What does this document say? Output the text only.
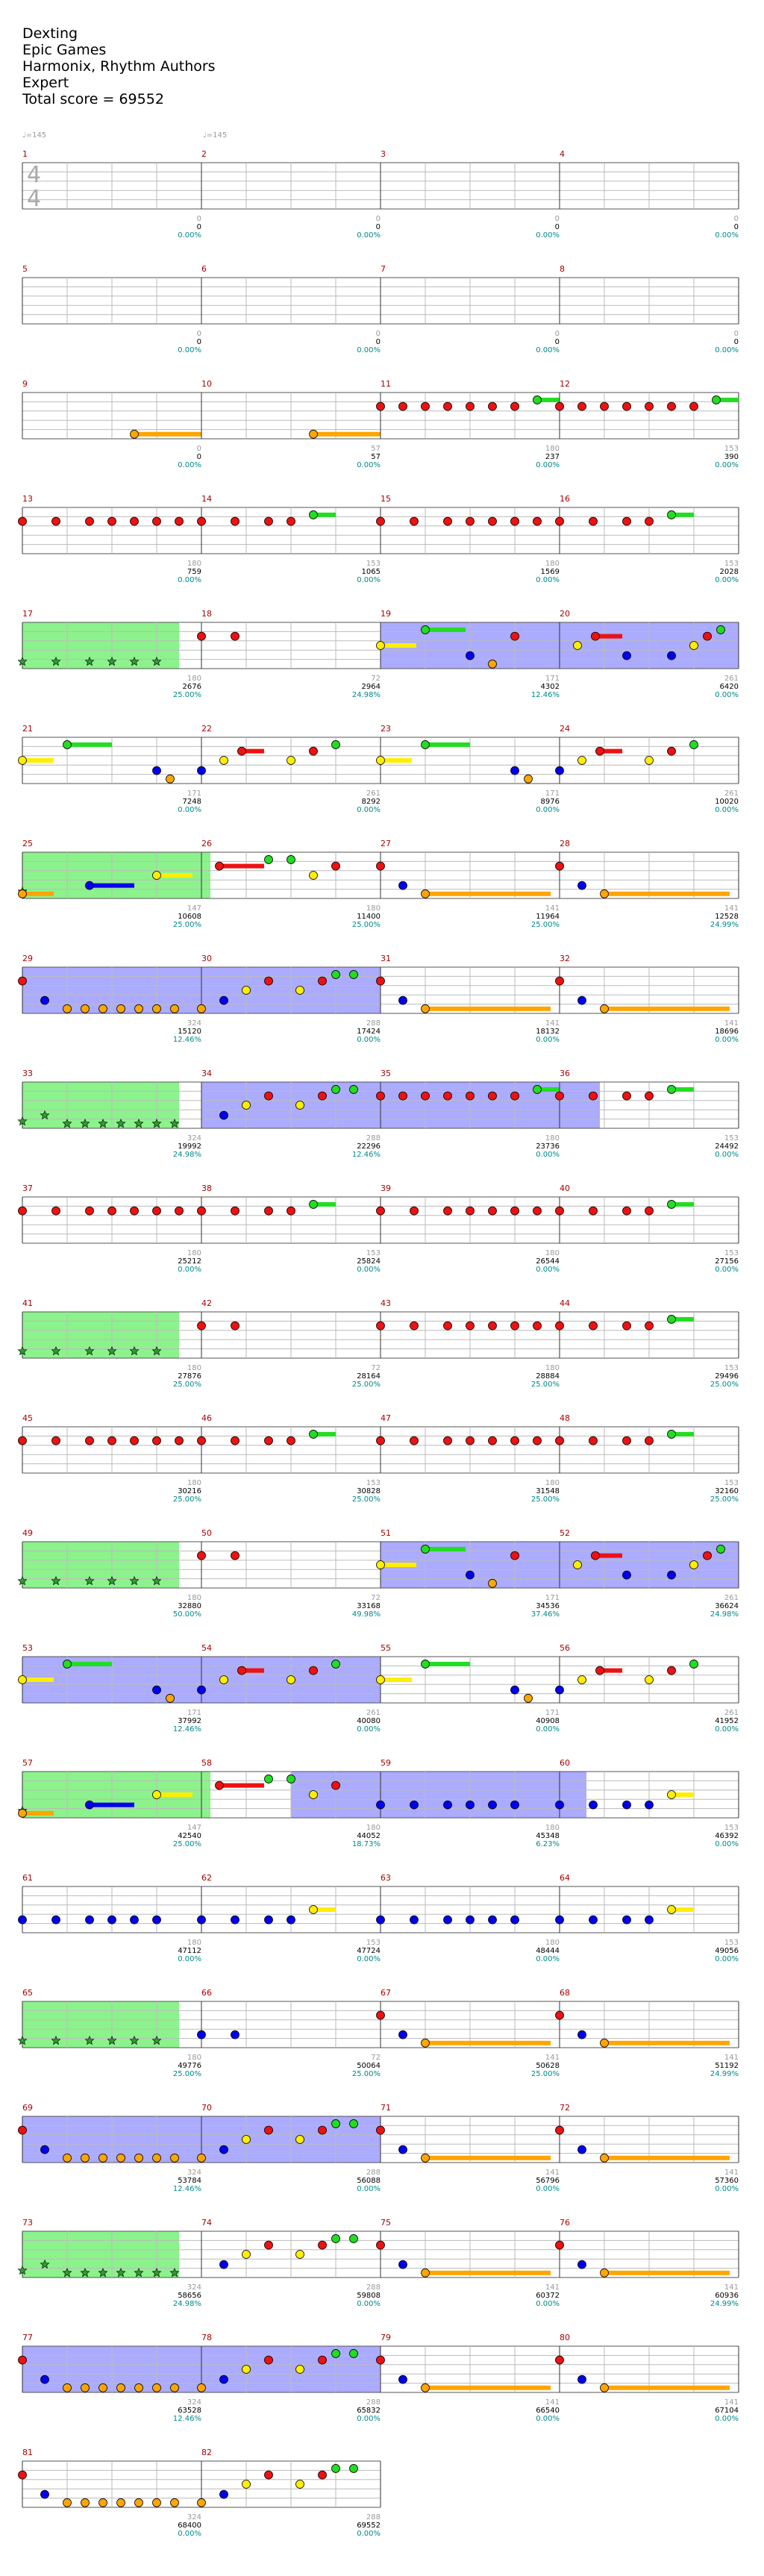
Dexting
Epic Games
Harmonix, Rhythm Authors
Expert
Total score = 69552
♩=145	♩=145
1
0
0
0.00%
4
4
2
0
0
0.00%
3
0
0
0.00%
4
0
0
0.00%
5
0
0
0.00%
6
0
0
0.00%
7
0
0
0.00%
8
0
0
0.00%
9
0
0
0.00%
10
57
57
0.00%
11
180
237
0.00%
12
153
390
0.00%
13
180
759
0.00%
14
153
1065
0.00%
15
180
1569
0.00%
16
153
2028
0.00%
17
180
2676
25.00%
18
72
2964
24.98%
19
171
4302
12.46%
20
261
6420
0.00%
21
171
7248
0.00%
22
261
8292
0.00%
23
171
8976
0.00%
24
261
10020
0.00%
25
147
10608
25.00%
26
180
11400
25.00%
27
141
11964
25.00%
28
141
12528
24.99%
29
324
15120
12.46%
30
288
17424
0.00%
31
141
18132
0.00%
32
141
18696
0.00%
33
324
19992
24.98%
34
288
22296
12.46%
35
180
23736
0.00%
36
153
24492
0.00%
37
180
25212
0.00%
38
153
25824
0.00%
39
180
26544
0.00%
40
153
27156
0.00%
41
180
27876
25.00%
42
72
28164
25.00%
43
180
28884
25.00%
44
153
29496
25.00%
45
180
30216
25.00%
46
153
30828
25.00%
47
180
31548
25.00%
48
153
32160
25.00%
49
180
32880
50.00%
50
72
33168
49.98%
51
171
34536
37.46%
52
261
36624
24.98%
53
171
37992
12.46%
54
261
40080
0.00%
55
171
40908
0.00%
56
261
41952
0.00%
57
147
42540
25.00%
58
180
44052
18.73%
59
180
45348
6.23%
60
153
46392
0.00%
61
180
47112
0.00%
62
153
47724
0.00%
63
180
48444
0.00%
64
153
49056
0.00%
65
180
49776
25.00%
66
72
50064
25.00%
67
141
50628
25.00%
68
141
51192
24.99%
69
324
53784
12.46%
70
288
56088
0.00%
71
141
56796
0.00%
72
141
57360
0.00%
73
324
58656
24.98%
74
288
59808
0.00%
75
141
60372
0.00%
76
141
60936
24.99%
77
324
63528
12.46%
78
288
65832
0.00%
79
141
66540
0.00%
80
141
67104
0.00%
81
324
68400
0.00%
82
288
69552
0.00%
